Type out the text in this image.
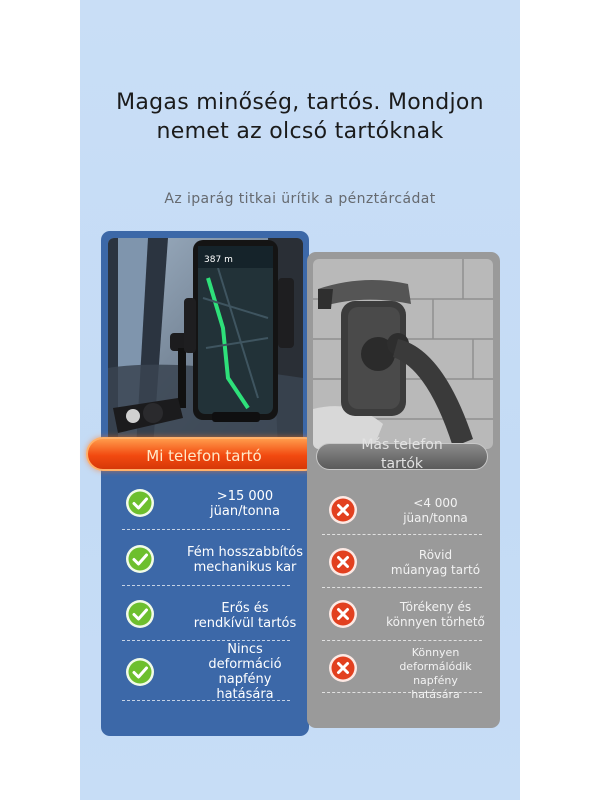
Magas minőség, tartós. Mondjon
nemet az olcsó tartóknak
Az iparág titkai ürítik a pénztárcádat
387 m
Mi telefon tartó
Más telefon
tartók
>15 000
jüan/tonna
Fém hosszabbítós
mechanikus kar
Erős és
rendkívül tartós
Nincs
deformáció
napfény
hatására
<4 000
jüan/tonna
Rövid
műanyag tartó
Törékeny és
könnyen törhető
Könnyen
deformálódik
napfény
hatására
